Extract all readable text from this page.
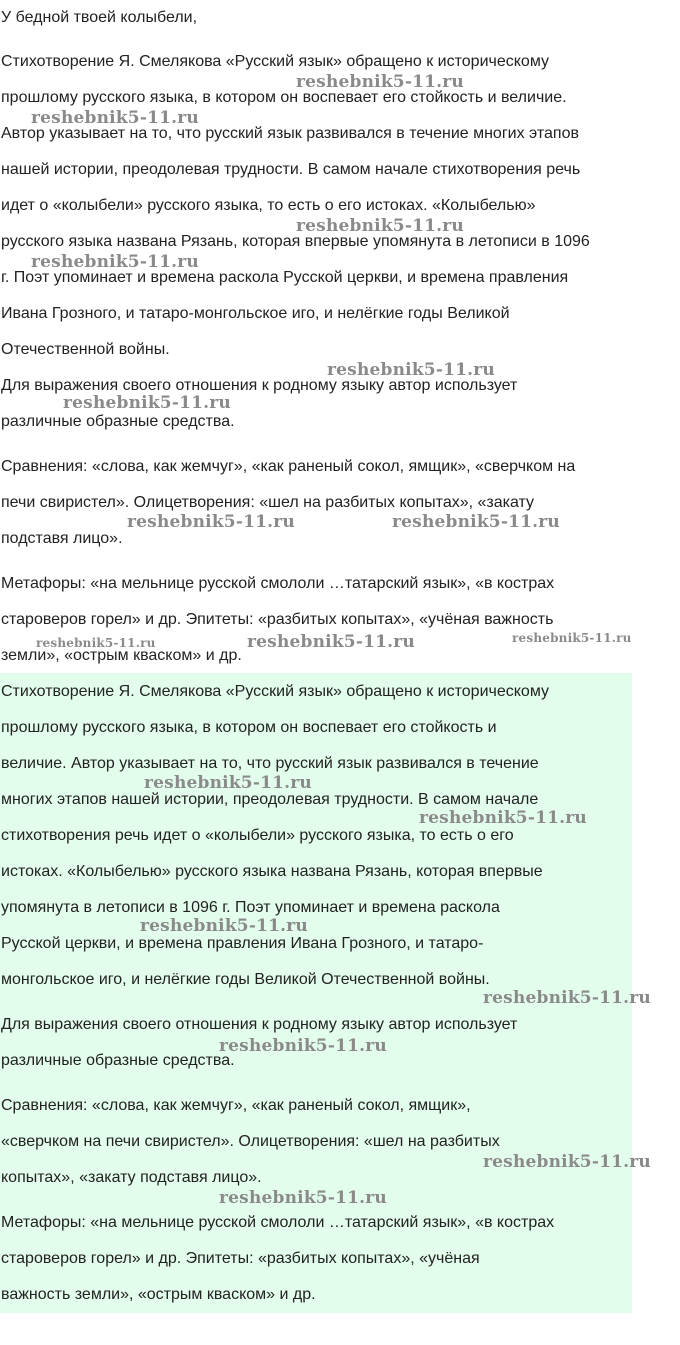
У бедной твоей колыбели,

Стихотворение Я. Смелякова «Русский язык» обращено к историческому

прошлому русского языка, в котором он воспевает его стойкость и величие.

Автор указывает на то, что русский язык развивался в течение многих этапов

нашей истории, преодолевая трудности. В самом начале стихотворения речь

идет о «колыбели» русского языка, то есть о его истоках. «Колыбелью»

русского языка названа Рязань, которая впервые упомянута в летописи в 1096

г. Поэт упоминает и времена раскола Русской церкви, и времена правления

Ивана Грозного, и татаро-монгольское иго, и нелёгкие годы Великой

Отечественной войны.

Для выражения своего отношения к родному языку автор использует

различные образные средства.

Сравнения: «слова, как жемчуг», «как раненый сокол, ямщик», «сверчком на

печи свиристел». Олицетворения: «шел на разбитых копытах», «закату

подставя лицо».

Метафоры: «на мельнице русской смололи …татарский язык», «в кострах

староверов горел» и др. Эпитеты: «разбитых копытах», «учёная важность

земли», «острым кваском» и др.

Стихотворение Я. Смелякова «Русский язык» обращено к историческому

прошлому русского языка, в котором он воспевает его стойкость и

величие. Автор указывает на то, что русский язык развивался в течение

многих этапов нашей истории, преодолевая трудности. В самом начале

стихотворения речь идет о «колыбели» русского языка, то есть о его

истоках. «Колыбелью» русского языка названа Рязань, которая впервые

упомянута в летописи в 1096 г. Поэт упоминает и времена раскола

Русской церкви, и времена правления Ивана Грозного, и татаро-

монгольское иго, и нелёгкие годы Великой Отечественной войны.

Для выражения своего отношения к родному языку автор использует

различные образные средства.

Сравнения: «слова, как жемчуг», «как раненый сокол, ямщик»,

«сверчком на печи свиристел». Олицетворения: «шел на разбитых

копытах», «закату подставя лицо».

Метафоры: «на мельнице русской смололи …татарский язык», «в кострах

староверов горел» и др. Эпитеты: «разбитых копытах», «учёная

важность земли», «острым кваском» и др.

reshebnik5-11.ru
reshebnik5-11.ru
reshebnik5-11.ru
reshebnik5-11.ru
reshebnik5-11.ru
reshebnik5-11.ru
reshebnik5-11.ru	reshebnik5-11.ru
reshebnik5-11.ru	reshebnik5-11.ru	reshebnik5-11.ru
reshebnik5-11.ru
reshebnik5-11.ru
reshebnik5-11.ru
reshebnik5-11.ru
reshebnik5-11.ru
reshebnik5-11.ru
reshebnik5-11.ru
